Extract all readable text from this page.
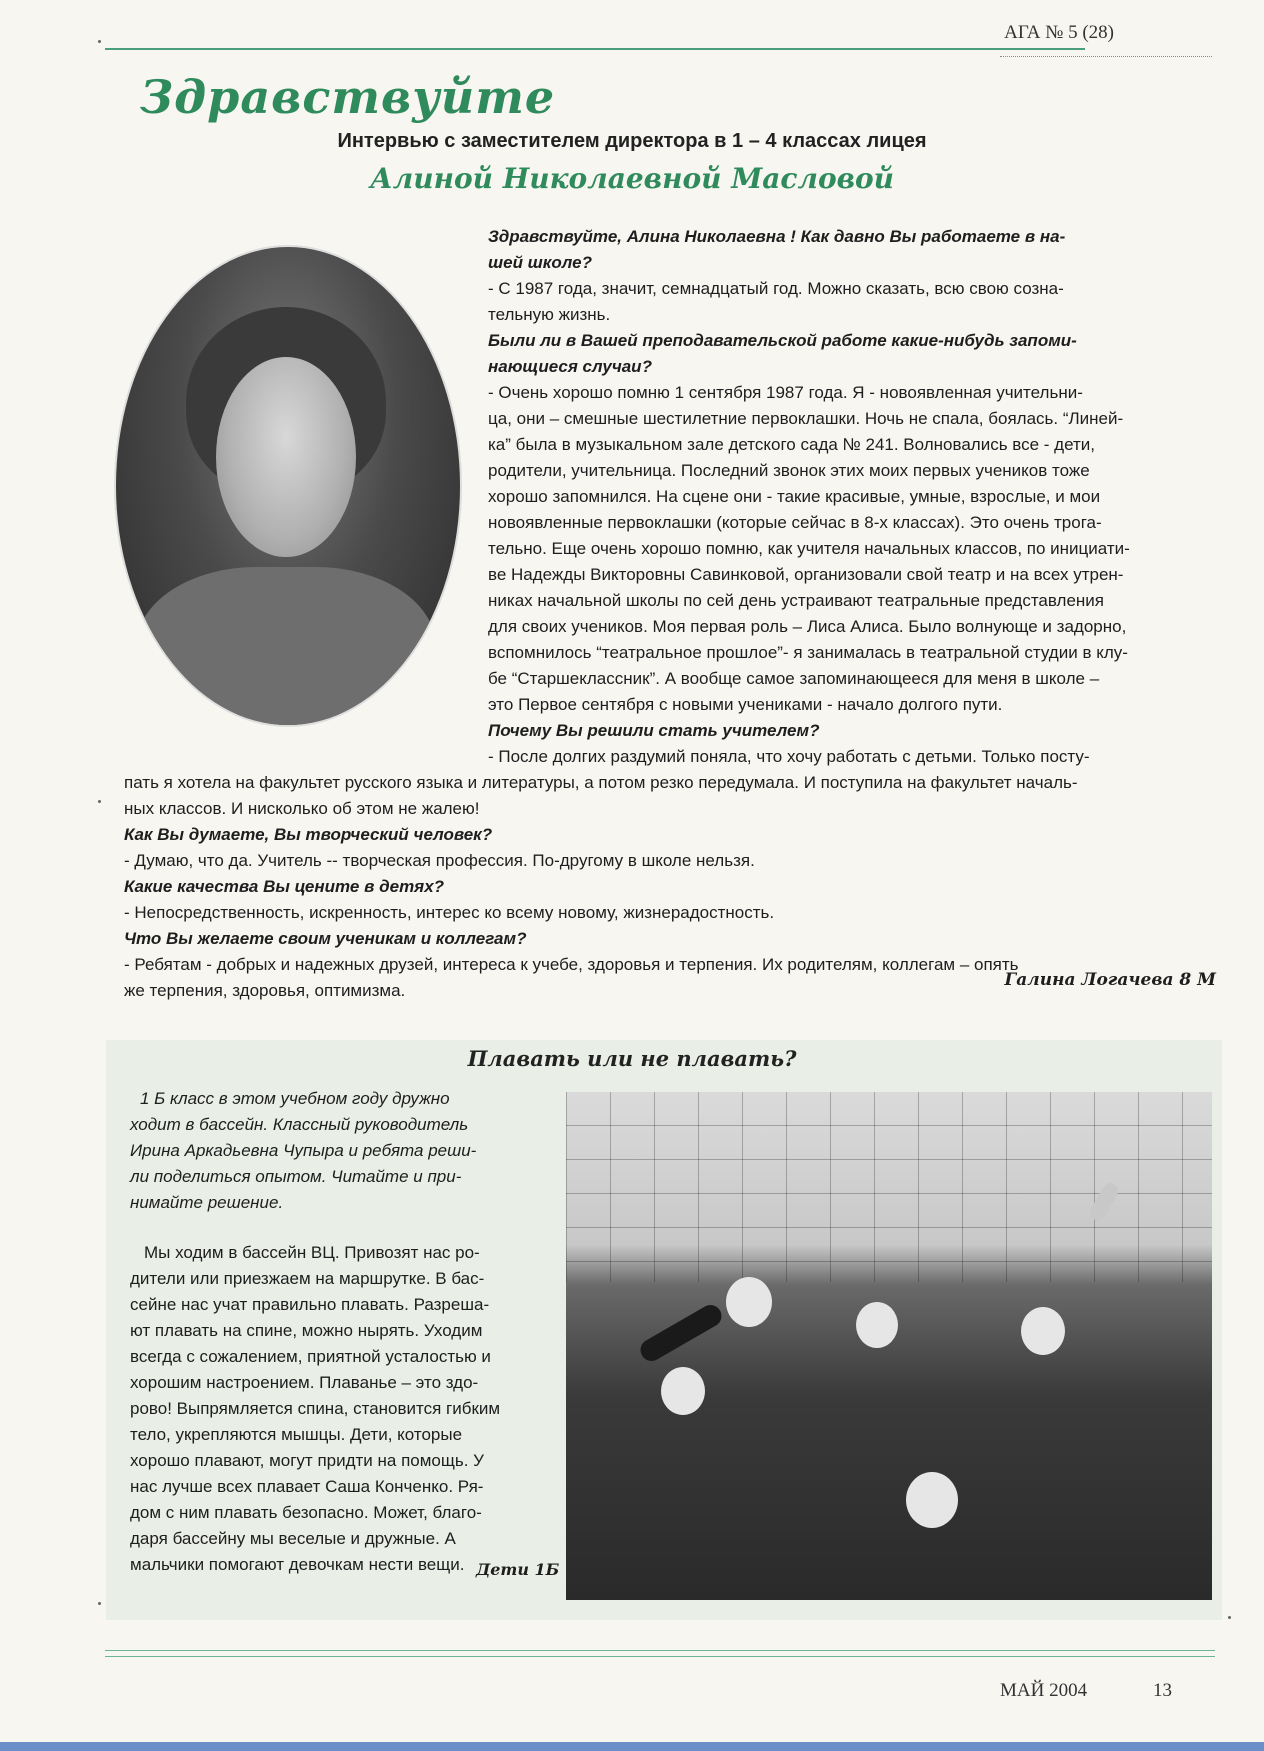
АГА № 5 (28)
Здравствуйте
Интервью с заместителем директора в 1 – 4 классах лицея
Алиной Николаевной Масловой
Здравствуйте, Алина Николаевна ! Как давно Вы работаете в на-
шей школе?
- С 1987 года, значит, семнадцатый год. Можно сказать, всю свою созна-
тельную жизнь.
Были ли в Вашей преподавательской работе какие-нибудь запоми-
нающиеся случаи?
- Очень хорошо помню 1 сентября 1987 года. Я - новоявленная учительни-
ца, они – смешные шестилетние первоклашки. Ночь не спала, боялась. “Линей-
ка” была в музыкальном зале детского сада № 241. Волновались все - дети,
родители, учительница. Последний звонок этих моих первых учеников тоже
хорошо запомнился. На сцене они - такие красивые, умные, взрослые, и мои
новоявленные первоклашки (которые сейчас в 8-х классах). Это очень трога-
тельно. Еще очень хорошо помню, как учителя начальных классов, по инициати-
ве Надежды Викторовны Савинковой, организовали свой театр и на всех утрен-
никах начальной школы по сей день устраивают театральные представления
для своих учеников. Моя первая роль – Лиса Алиса. Было волнующе и задорно,
вспомнилось “театральное прошлое”- я занималась в театральной студии в клу-
бе “Старшеклассник”. А вообще самое запоминающееся для меня в школе –
это Первое сентября с новыми учениками - начало долгого пути.
Почему Вы решили стать учителем?
- После долгих раздумий поняла, что хочу работать с детьми. Только посту-
пать я хотела на факультет русского языка и литературы, а потом резко передумала. И поступила на факультет началь-
ных классов. И нисколько об этом не жалею!
Как Вы думаете, Вы творческий человек?
- Думаю, что да. Учитель -- творческая профессия. По-другому в школе нельзя.
Какие качества Вы цените в детях?
- Непосредственность, искренность, интерес ко всему новому, жизнерадостность.
Что Вы желаете своим ученикам и коллегам?
- Ребятам - добрых и надежных друзей, интереса к учебе, здоровья и терпения. Их родителям, коллегам – опять
же терпения, здоровья, оптимизма.
Галина Логачева 8 М
Плавать или не плавать?
1 Б класс в этом учебном году дружно
ходит в бассейн. Классный руководитель
Ирина Аркадьевна Чупыра и ребята реши-
ли поделиться опытом. Читайте и при-
нимайте решение.
Мы ходим в бассейн ВЦ. Привозят нас ро-
дители или приезжаем на маршрутке. В бас-
сейне нас учат правильно плавать. Разреша-
ют плавать на спине, можно нырять. Уходим
всегда с сожалением, приятной усталостью и
хорошим настроением. Плаванье – это здо-
рово! Выпрямляется спина, становится гибким
тело, укрепляются мышцы. Дети, которые
хорошо плавают, могут придти на помощь. У
нас лучше всех плавает Саша Конченко. Ря-
дом с ним плавать безопасно. Может, благо-
даря бассейну мы веселые и дружные. А
мальчики помогают девочкам нести вещи. Дети 1Б
МАЙ 2004	13
